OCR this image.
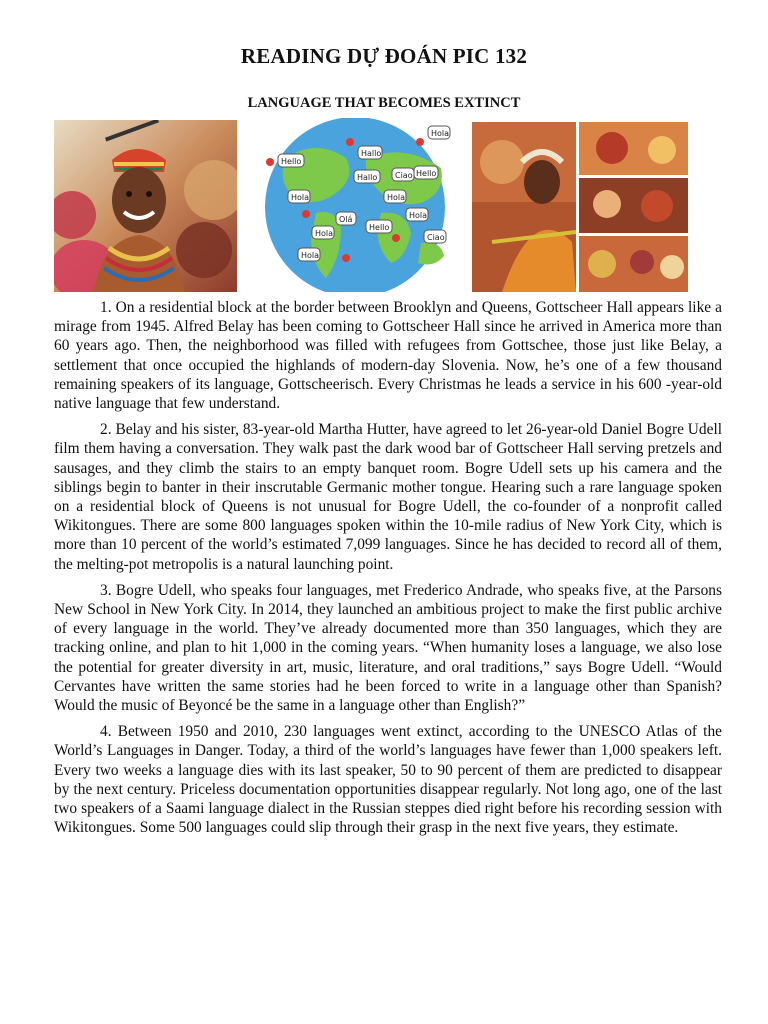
READING DỰ ĐOÁN PIC 132
LANGUAGE THAT BECOMES EXTINCT
Hello
Hallo
Hola
Ciao
Hallo
Hola
Hello
Hola
Hello
Hola
Hola
Olá
Hola	Ciao

1. On a residential block at the border between Brooklyn and Queens, Gottscheer Hall appears like a mirage from 1945. Alfred Belay has been coming to Gottscheer Hall since he arrived in America more than 60 years ago. Then, the neighborhood was filled with refugees from Gottschee, those just like Belay, a settlement that once occupied the highlands of modern-day Slovenia. Now, he’s one of a few thousand remaining speakers of its language, Gottscheerisch. Every Christmas he leads a service in his 600 -year-old native language that few understand.

2. Belay and his sister, 83-year-old Martha Hutter, have agreed to let 26-year-old Daniel Bogre Udell film them having a conversation. They walk past the dark wood bar of Gottscheer Hall serving pretzels and sausages, and they climb the stairs to an empty banquet room. Bogre Udell sets up his camera and the siblings begin to banter in their inscrutable Germanic mother tongue. Hearing such a rare language spoken on a residential block of Queens is not unusual for Bogre Udell, the co-founder of a nonprofit called Wikitongues. There are some 800 languages spoken within the 10-mile radius of New York City, which is more than 10 percent of the world’s estimated 7,099 languages. Since he has decided to record all of them, the melting-pot metropolis is a natural launching point.

3. Bogre Udell, who speaks four languages, met Frederico Andrade, who speaks five, at the Parsons New School in New York City. In 2014, they launched an ambitious project to make the first public archive of every language in the world. They’ve already documented more than 350 languages, which they are tracking online, and plan to hit 1,000 in the coming years. “When humanity loses a language, we also lose the potential for greater diversity in art, music, literature, and oral traditions,” says Bogre Udell. “Would Cervantes have written the same stories had he been forced to write in a language other than Spanish? Would the music of Beyoncé be the same in a language other than English?”

4. Between 1950 and 2010, 230 languages went extinct, according to the UNESCO Atlas of the World’s Languages in Danger. Today, a third of the world’s languages have fewer than 1,000 speakers left. Every two weeks a language dies with its last speaker, 50 to 90 percent of them are predicted to disappear by the next century. Priceless documentation opportunities disappear regularly. Not long ago, one of the last two speakers of a Saami language dialect in the Russian steppes died right before his recording session with Wikitongues. Some 500 languages could slip through their grasp in the next five years, they estimate.
